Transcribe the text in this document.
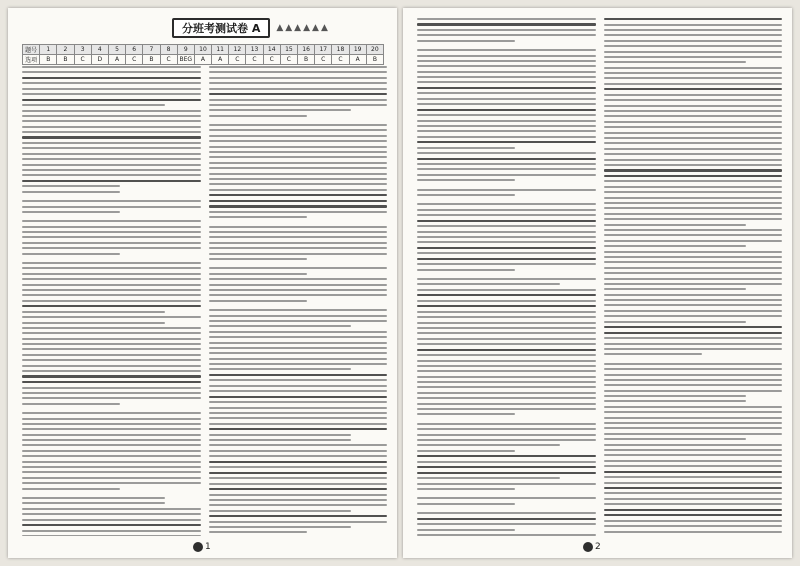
分班考测试卷 A	▲▲▲▲▲▲
题号	1	2	3	4	5	6	7	8	9	10	11	12	13	14	15	16	17	18	19	20
选项	B	B	C	D	A	C	B	C	BEG	A	A	C	C	C	C	B	C	C	A	B
1	2
